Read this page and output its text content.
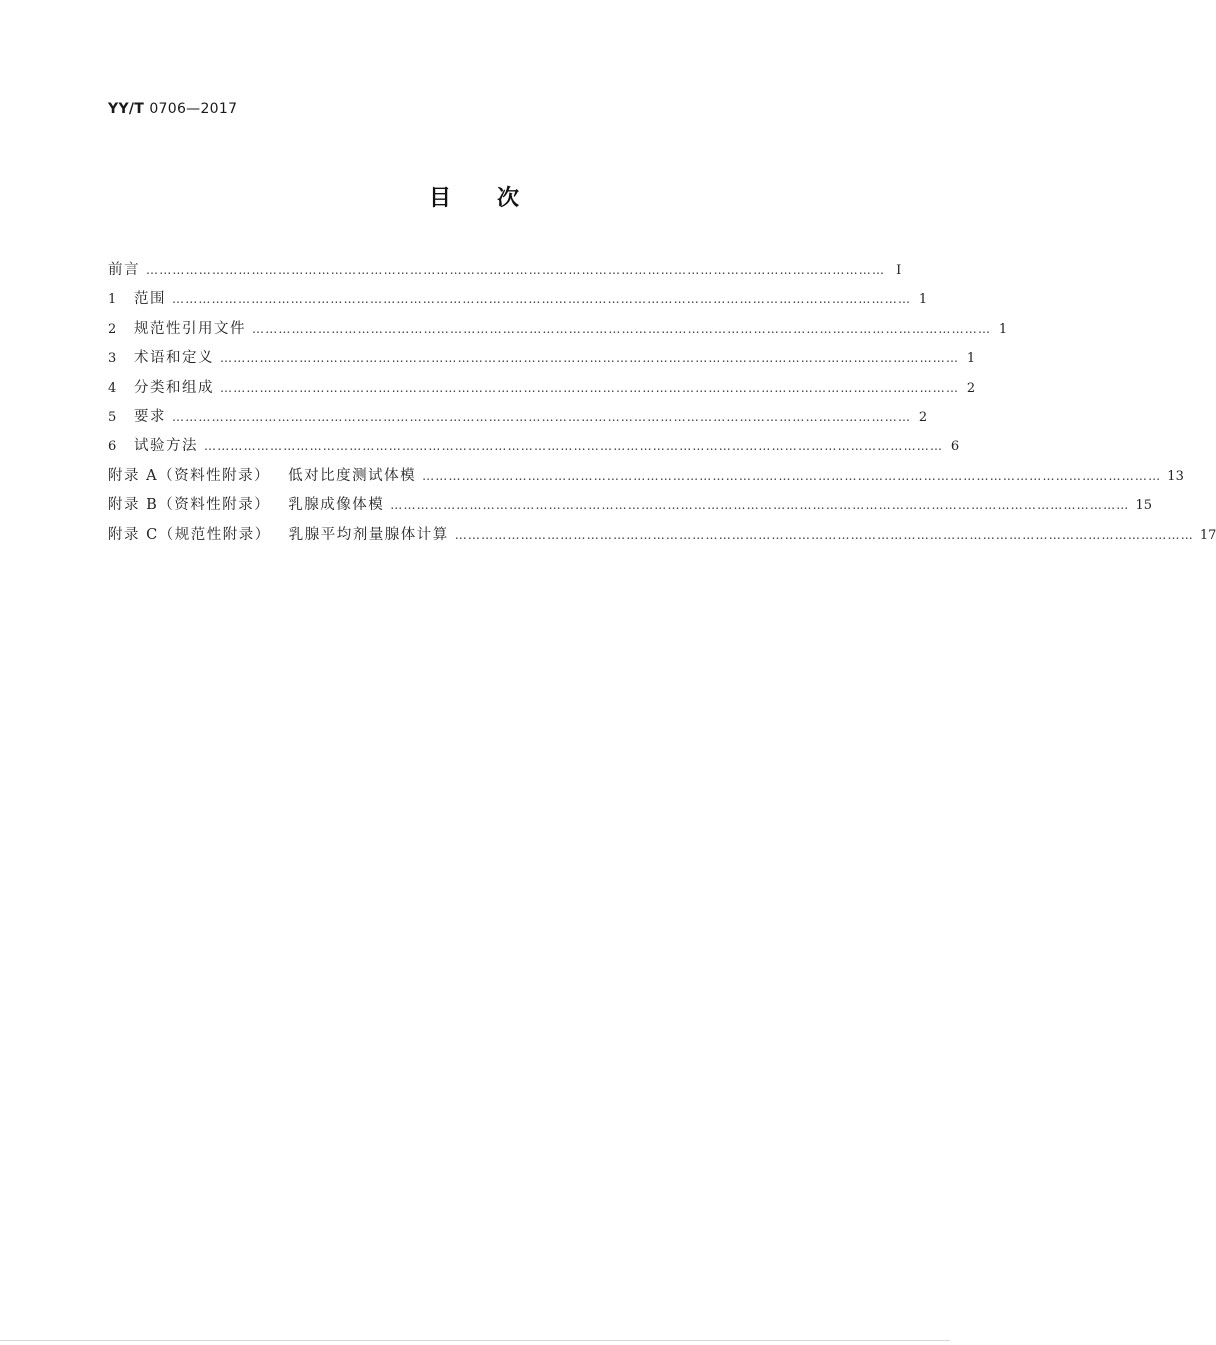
YY/T 0706—2017
目 次
前言 …………………………………………………………………………………………………………………………………………………… Ⅰ
1 范围 …………………………………………………………………………………………………………………………………………………… 1
2 规范性引用文件 …………………………………………………………………………………………………………………………………………………… 1
3 术语和定义 …………………………………………………………………………………………………………………………………………………… 1
4 分类和组成 …………………………………………………………………………………………………………………………………………………… 2
5 要求 …………………………………………………………………………………………………………………………………………………… 2
6 试验方法 …………………………………………………………………………………………………………………………………………………… 6
附录 A（资料性附录） 低对比度测试体模 …………………………………………………………………………………………………………………………………………………… 13
附录 B（资料性附录） 乳腺成像体模 …………………………………………………………………………………………………………………………………………………… 15
附录 C（规范性附录） 乳腺平均剂量腺体计算 …………………………………………………………………………………………………………………………………………………… 17
